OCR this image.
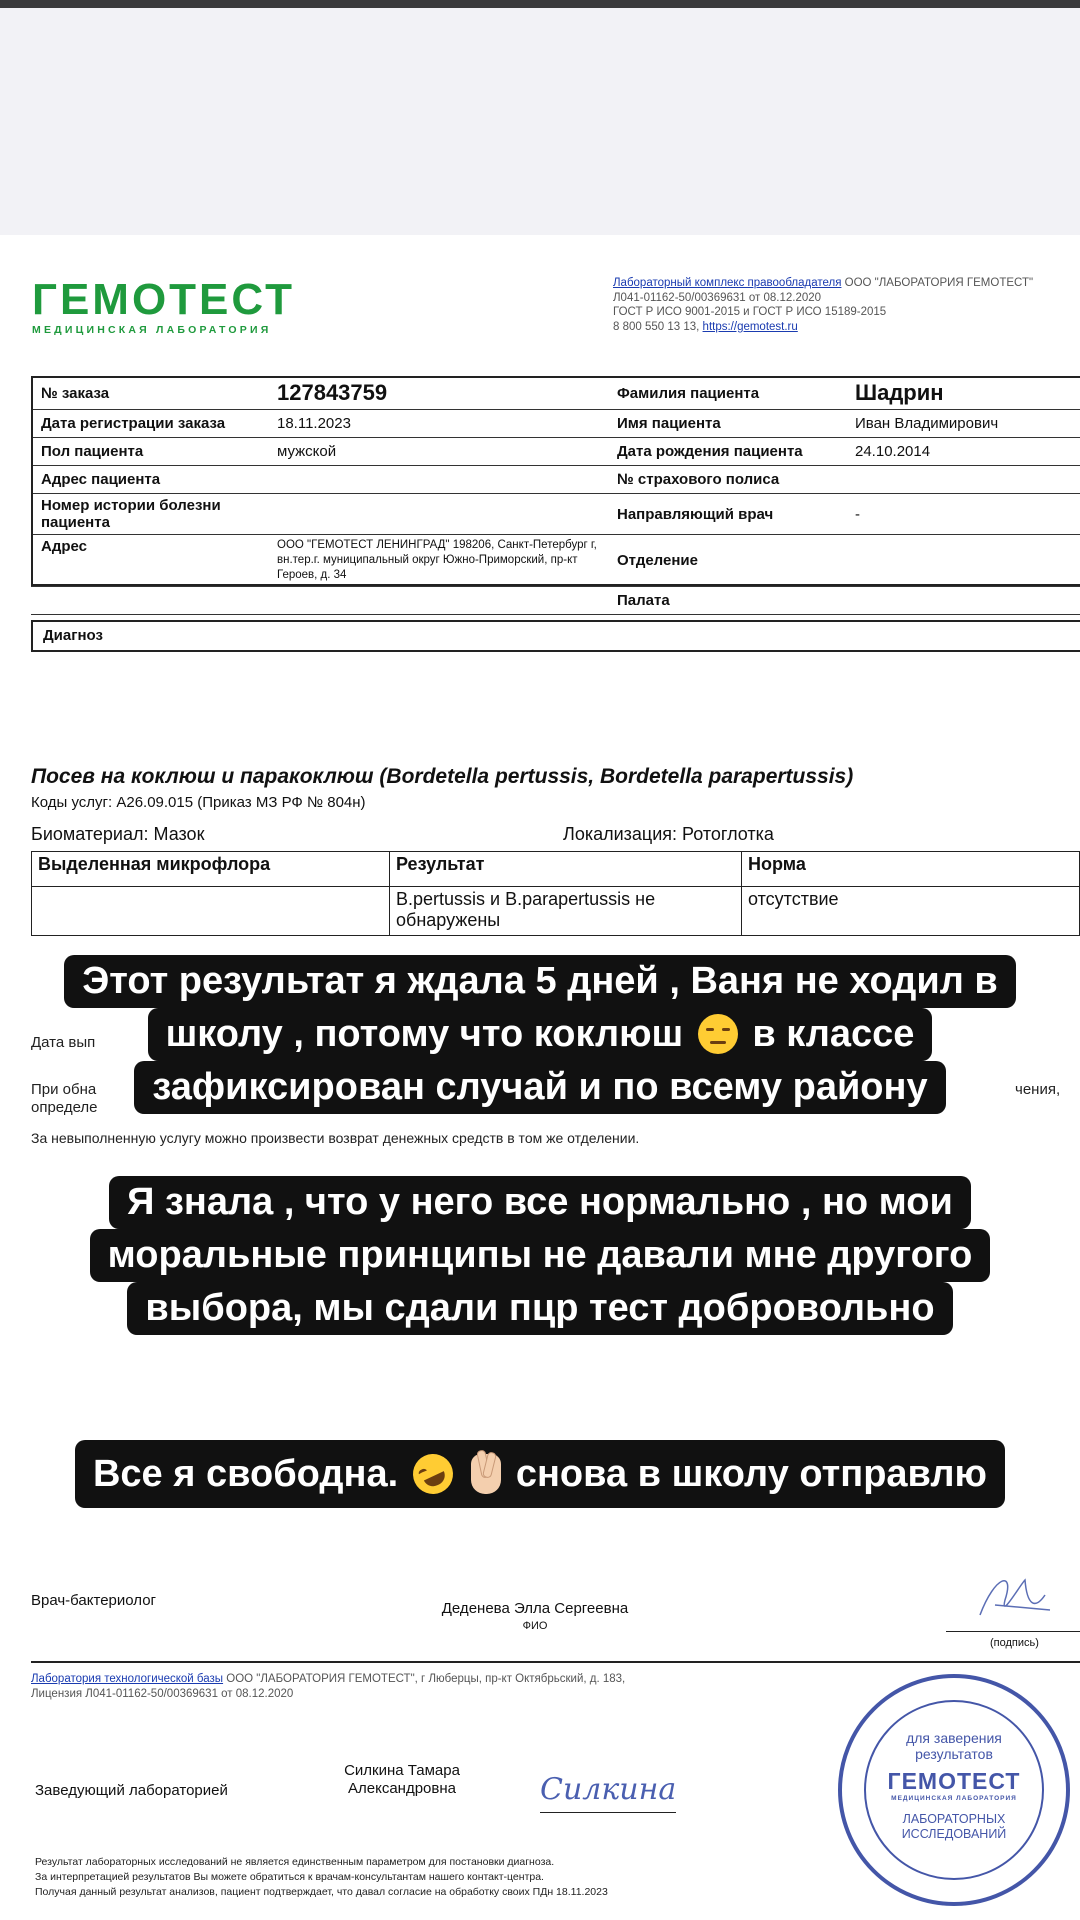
ГЕМОТЕСТ
МЕДИЦИНСКАЯ ЛАБОРАТОРИЯ
Лабораторный комплекс правообладателя ООО "ЛАБОРАТОРИЯ ГЕМОТЕСТ"
Л041-01162-50/00369631 от 08.12.2020
ГОСТ Р ИСО 9001-2015 и ГОСТ Р ИСО 15189-2015
8 800 550 13 13, https://gemotest.ru
№ заказа	127843759	Фамилия пациента	Шадрин
Дата регистрации заказа	18.11.2023	Имя пациента	Иван Владимирович
Пол пациента	мужской	Дата рождения пациента	24.10.2014
Адрес пациента		№ страхового полиса	
Номер истории болезни пациента		Направляющий врач	-
Адрес	ООО "ГЕМОТЕСТ ЛЕНИНГРАД" 198206, Санкт-Петербург г, вн.тер.г. муниципальный округ Южно-Приморский, пр-кт Героев, д. 34	Отделение	
		Палата	
Диагноз
Посев на коклюш и паракоклюш (Bordetella pertussis, Bordetella parapertussis)
Коды услуг: А26.09.015 (Приказ МЗ РФ № 804н)
Биоматериал: Мазок	Локализация: Ротоглотка
Выделенная микрофлора	Результат	Норма
	B.pertussis и B.parapertussis не обнаружены	отсутствие
Дата вып
При обна
определе
чения,
За невыполненную услугу можно произвести возврат денежных средств в том же отделении.
Этот результат я ждала 5 дней , Ваня не ходил в
школу , потому что коклюш в классе
зафиксирован случай и по всему району
Я знала , что у него все нормально , но мои
моральные принципы не давали мне другого
выбора, мы сдали пцр тест добровольно
Все я свободна.	снова в школу отправлю
Врач-бактериолог	Деденева Элла Сергеевна
ФИО
(подпись)
Лаборатория технологической базы ООО "ЛАБОРАТОРИЯ ГЕМОТЕСТ", г Люберцы, пр-кт Октябрьский, д. 183,
Лицензия Л041-01162-50/00369631 от 08.12.2020
Заведующий лабораторией
Силкина Тамара Александровна	Силкина
Результат лабораторных исследований не является единственным параметром для постановки диагноза.
За интерпретацией результатов Вы можете обратиться к врачам-консультантам нашего контакт-центра.
Получая данный результат анализов, пациент подтверждает, что давал согласие на обработку своих ПДн 18.11.2023
для заверения результатов
ГЕМОТЕСТ
МЕДИЦИНСКАЯ ЛАБОРАТОРИЯ
ЛАБОРАТОРНЫХ ИССЛЕДОВАНИЙ
